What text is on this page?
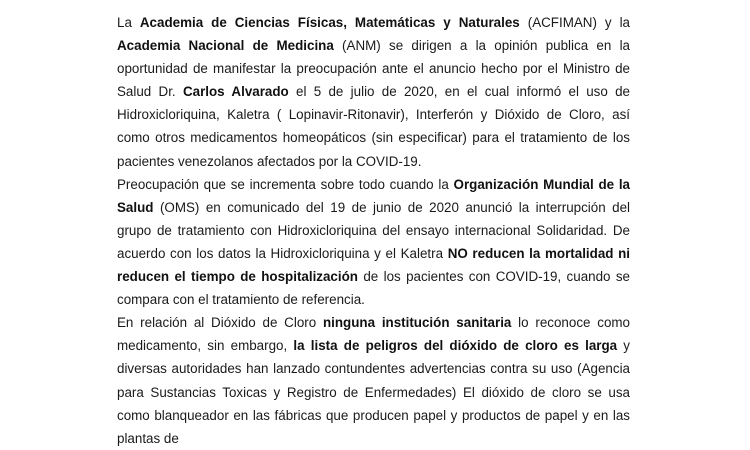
La Academia de Ciencias Físicas, Matemáticas y Naturales (ACFIMAN) y la Academia Nacional de Medicina (ANM) se dirigen a la opinión publica en la oportunidad de manifestar la preocupación ante el anuncio hecho por el Ministro de Salud Dr. Carlos Alvarado el 5 de julio de 2020, en el cual informó el uso de Hidroxicloriquina, Kaletra ( Lopinavir-Ritonavir), Interferón y Dióxido de Cloro, así como otros medicamentos homeopáticos (sin especificar) para el tratamiento de los pacientes venezolanos afectados por la COVID-19.

Preocupación que se incrementa sobre todo cuando la Organización Mundial de la Salud (OMS) en comunicado del 19 de junio de 2020 anunció la interrupción del grupo de tratamiento con Hidroxicloriquina del ensayo internacional Solidaridad. De acuerdo con los datos la Hidroxicloriquina y el Kaletra NO reducen la mortalidad ni reducen el tiempo de hospitalización de los pacientes con COVID-19, cuando se compara con el tratamiento de referencia.

En relación al Dióxido de Cloro ninguna institución sanitaria lo reconoce como medicamento, sin embargo, la lista de peligros del dióxido de cloro es larga y diversas autoridades han lanzado contundentes advertencias contra su uso (Agencia para Sustancias Toxicas y Registro de Enfermedades) El dióxido de cloro se usa como blanqueador en las fábricas que producen papel y productos de papel y en las plantas de
